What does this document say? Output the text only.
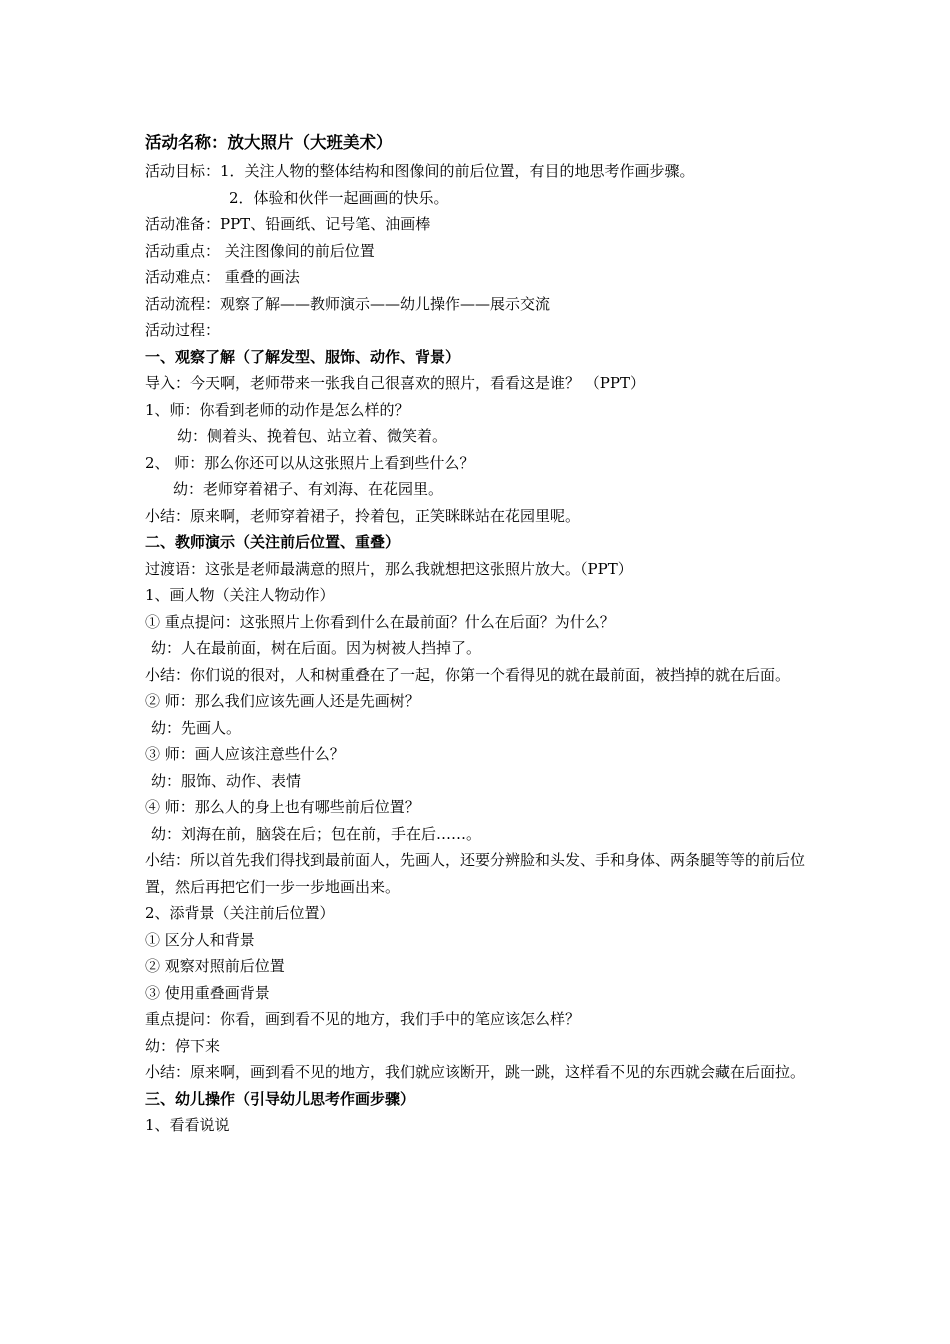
活动名称：放大照片（大班美术）
活动目标：1．关注人物的整体结构和图像间的前后位置，有目的地思考作画步骤。
2．体验和伙伴一起画画的快乐。
活动准备：PPT、铅画纸、记号笔、油画棒
活动重点： 关注图像间的前后位置
活动难点： 重叠的画法
活动流程：观察了解——教师演示——幼儿操作——展示交流
活动过程：
一、观察了解（了解发型、服饰、动作、背景）
导入：今天啊，老师带来一张我自己很喜欢的照片，看看这是谁？ （PPT）
1、师：你看到老师的动作是怎么样的？
幼：侧着头、挽着包、站立着、微笑着。
2、 师：那么你还可以从这张照片上看到些什么？
幼：老师穿着裙子、有刘海、在花园里。
小结：原来啊，老师穿着裙子，拎着包，正笑眯眯站在花园里呢。
二、教师演示（关注前后位置、重叠）
过渡语：这张是老师最满意的照片，那么我就想把这张照片放大。（PPT）
1、画人物（关注人物动作）
① 重点提问：这张照片上你看到什么在最前面？什么在后面？为什么？
幼：人在最前面，树在后面。因为树被人挡掉了。
小结：你们说的很对，人和树重叠在了一起，你第一个看得见的就在最前面，被挡掉的就在后面。
② 师：那么我们应该先画人还是先画树？
幼：先画人。
③ 师：画人应该注意些什么？
幼：服饰、动作、表情
④ 师：那么人的身上也有哪些前后位置？
幼：刘海在前，脑袋在后；包在前，手在后……。
小结：所以首先我们得找到最前面人，先画人，还要分辨脸和头发、手和身体、两条腿等等的前后位置，然后再把它们一步一步地画出来。
2、添背景（关注前后位置）
① 区分人和背景
② 观察对照前后位置
③ 使用重叠画背景
重点提问：你看，画到看不见的地方，我们手中的笔应该怎么样？
幼：停下来
小结：原来啊，画到看不见的地方，我们就应该断开，跳一跳，这样看不见的东西就会藏在后面拉。
三、幼儿操作（引导幼儿思考作画步骤）
1、看看说说
